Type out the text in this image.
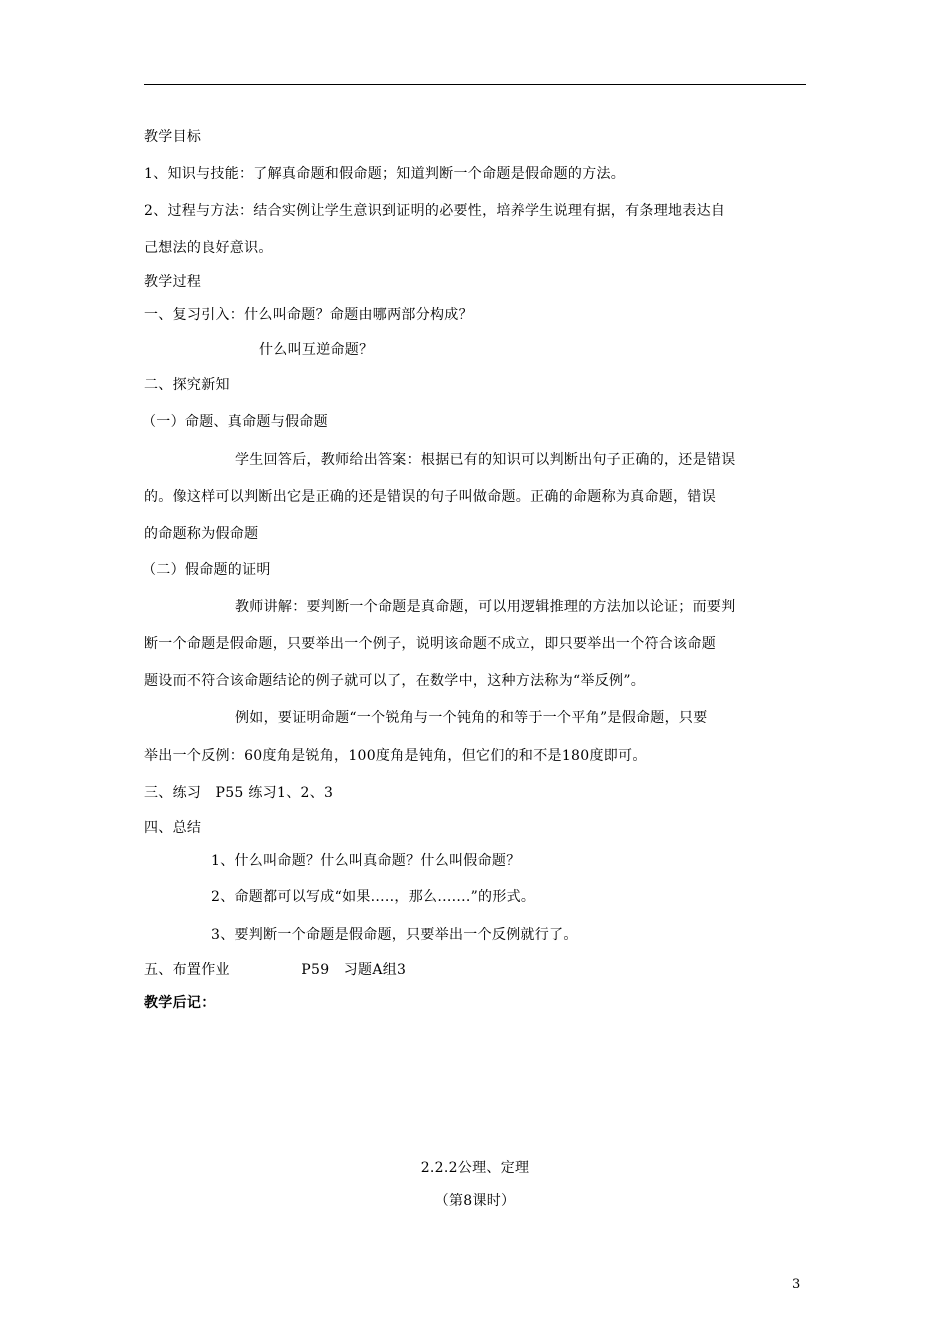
教学目标
1、知识与技能：了解真命题和假命题；知道判断一个命题是假命题的方法。
2、过程与方法：结合实例让学生意识到证明的必要性，培养学生说理有据，有条理地表达自
己想法的良好意识。
教学过程
一、复习引入：什么叫命题？命题由哪两部分构成？
什么叫互逆命题？
二、探究新知
（一）命题、真命题与假命题
学生回答后，教师给出答案：根据已有的知识可以判断出句子正确的，还是错误
的。像这样可以判断出它是正确的还是错误的句子叫做命题。正确的命题称为真命题，错误
的命题称为假命题
（二）假命题的证明
教师讲解：要判断一个命题是真命题，可以用逻辑推理的方法加以论证；而要判
断一个命题是假命题，只要举出一个例子，说明该命题不成立，即只要举出一个符合该命题
题设而不符合该命题结论的例子就可以了，在数学中，这种方法称为“举反例”。
例如，要证明命题“一个锐角与一个钝角的和等于一个平角”是假命题，只要
举出一个反例：60度角是锐角，100度角是钝角，但它们的和不是180度即可。
三、练习　P55 练习1、2、3
四、总结
1、什么叫命题？什么叫真命题？什么叫假命题？
2、命题都可以写成“如果.....，那么.......”的形式。
3、要判断一个命题是假命题，只要举出一个反例就行了。
五、布置作业　　　　　P59　习题A组3
教学后记：
2.2.2公理、定理
（第8课时）
3
